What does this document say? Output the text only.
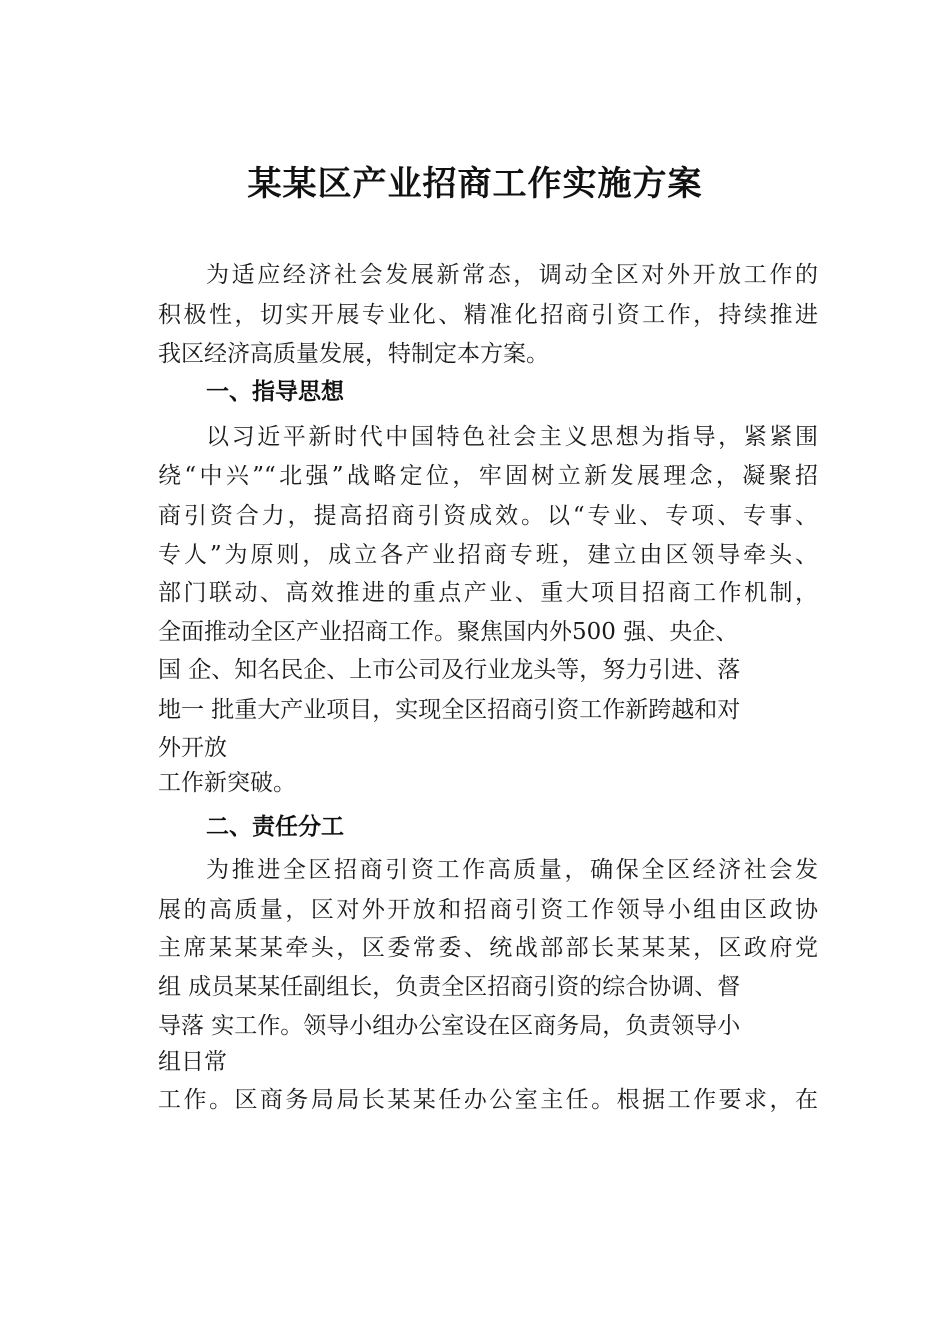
某某区产业招商工作实施方案
为适应经济社会发展新常态，调动全区对外开放工作的
积极性，切实开展专业化、精准化招商引资工作，持续推进
我区经济高质量发展，特制定本方案。
一、指导思想
以习近平新时代中国特色社会主义思想为指导，紧紧围
绕“中兴”“北强”战略定位，牢固树立新发展理念，凝聚招
商引资合力，提高招商引资成效。以“专业、专项、专事、
专人”为原则，成立各产业招商专班，建立由区领导牵头、
部门联动、高效推进的重点产业、重大项目招商工作机制，
全面推动全区产业招商工作。聚焦国内外500 强、央企、
国 企、知名民企、上市公司及行业龙头等，努力引进、落
地一 批重大产业项目，实现全区招商引资工作新跨越和对
外开放
工作新突破。
二、责任分工
为推进全区招商引资工作高质量，确保全区经济社会发
展的高质量，区对外开放和招商引资工作领导小组由区政协
主席某某某牵头，区委常委、统战部部长某某某，区政府党
组 成员某某任副组长，负责全区招商引资的综合协调、督
导落 实工作。领导小组办公室设在区商务局，负责领导小
组日常
工作。区商务局局长某某任办公室主任。根据工作要求，在
